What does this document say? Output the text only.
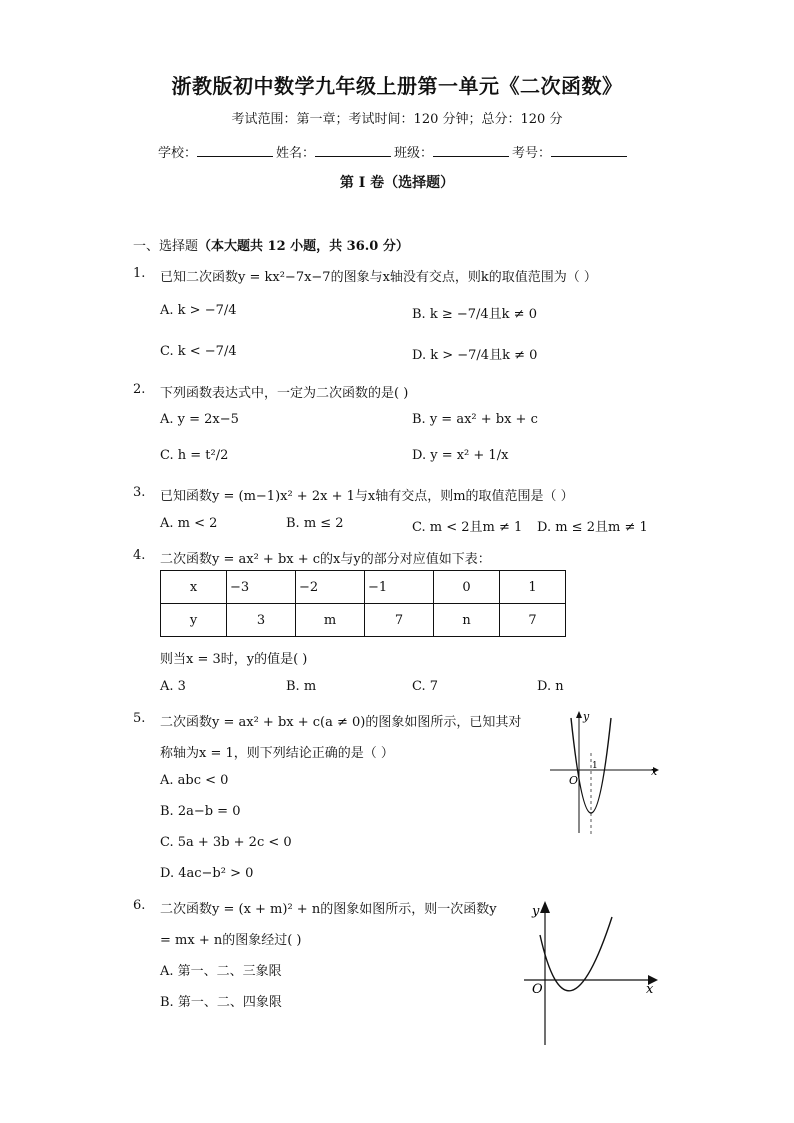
浙教版初中数学九年级上册第一单元《二次函数》
考试范围：第一章；考试时间：120 分钟；总分：120 分
学校：	姓名：	班级：	考号：
第 I 卷（选择题）
一、选择题（本大题共 12 小题，共 36.0 分）
1. 已知二次函数y = kx²−7x−7的图象与x轴没有交点，则k的取值范围为（ ）
A. k > −7/4	B. k ≥ −7/4且k ≠ 0
C. k < −7/4	D. k > −7/4且k ≠ 0
2. 下列函数表达式中，一定为二次函数的是( )
A. y = 2x−5	B. y = ax² + bx + c
C. h = t²/2	D. y = x² + 1/x
3. 已知函数y = (m−1)x² + 2x + 1与x轴有交点，则m的取值范围是（ ）
A. m < 2	B. m ≤ 2	C. m < 2且m ≠ 1 D. m ≤ 2且m ≠ 1
4. 二次函数y = ax² + bx + c的x与y的部分对应值如下表：
x	−3	−2	−1	0	1
y	3	m	7	n	7
则当x = 3时，y的值是( )
A. 3	B. m	C. 7	D. n
5. 二次函数y = ax² + bx + c(a ≠ 0)的图象如图所示，已知其对
称轴为x = 1，则下列结论正确的是（ ）
A. abc < 0
B. 2a−b = 0
C. 5a + 3b + 2c < 0
D. 4ac−b² > 0
y
x
O
1
6. 二次函数y = (x + m)² + n的图象如图所示，则一次函数y
= mx + n的图象经过( )
A. 第一、二、三象限
B. 第一、二、四象限
y
x
O
